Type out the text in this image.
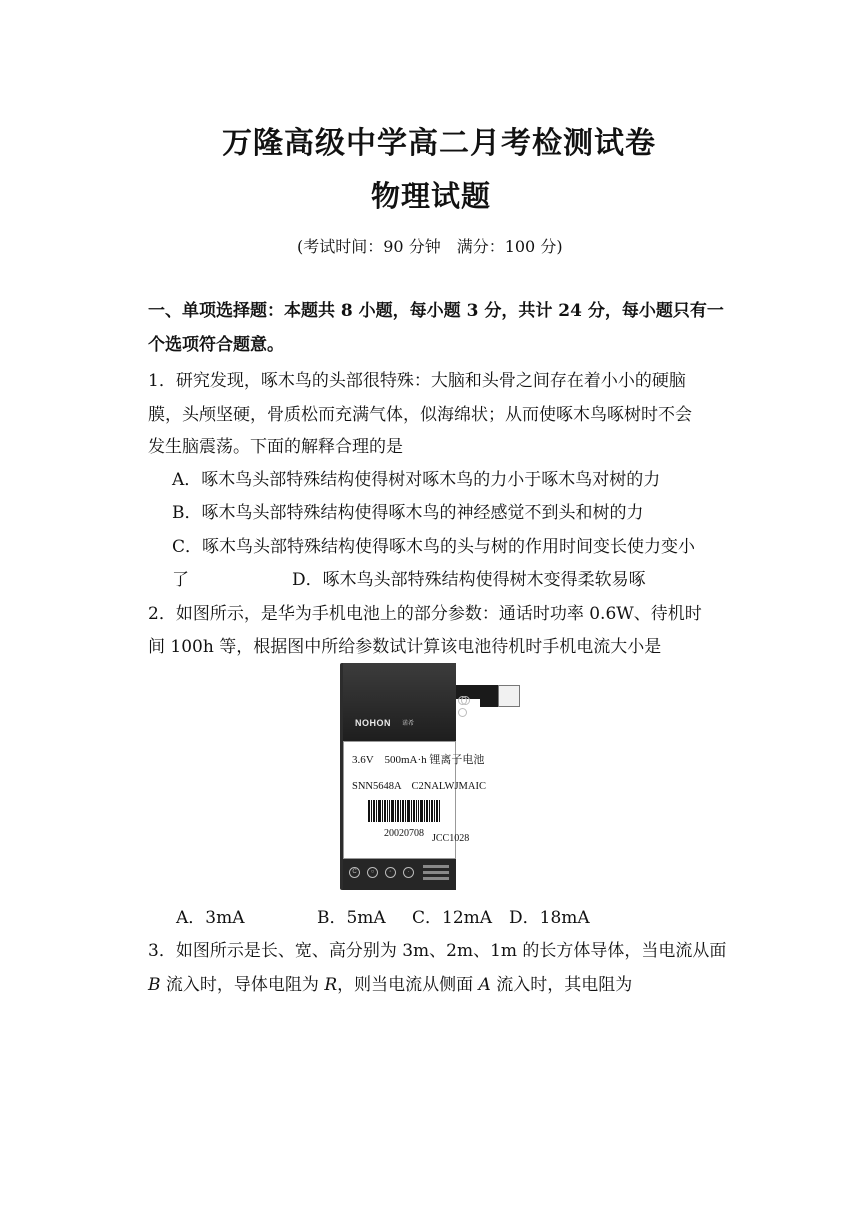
万隆高级中学高二月考检测试卷
物理试题
(考试时间：90 分钟　满分：100 分)
一、单项选择题：本题共 8 小题，每小题 3 分，共计 24 分，每小题只有一
个选项符合题意。
1．研究发现，啄木鸟的头部很特殊：大脑和头骨之间存在着小小的硬脑
膜，头颅坚硬，骨质松而充满气体，似海绵状；从而使啄木鸟啄树时不会
发生脑震荡。下面的解释合理的是
A．啄木鸟头部特殊结构使得树对啄木鸟的力小于啄木鸟对树的力
B．啄木鸟头部特殊结构使得啄木鸟的神经感觉不到头和树的力
C．啄木鸟头部特殊结构使得啄木鸟的头与树的作用时间变长使力变小
了	D．啄木鸟头部特殊结构使得树木变得柔软易啄
2．如图所示，是华为手机电池上的部分参数：通话时功率 0.6W、待机时
间 100h 等，根据图中所给参数试计算该电池待机时手机电流大小是
NOHON 诺希
3.6V　500mA·h 锂离子电池
SNN5648A　C2NALWJMAIC
20020708 JCC1028
C	○	◦	·
A．3mA	B．5mA C．12mA D．18mA
3．如图所示是长、宽、高分别为 3m、2m、1m 的长方体导体，当电流从面
B 流入时，导体电阻为 R，则当电流从侧面 A 流入时，其电阻为
